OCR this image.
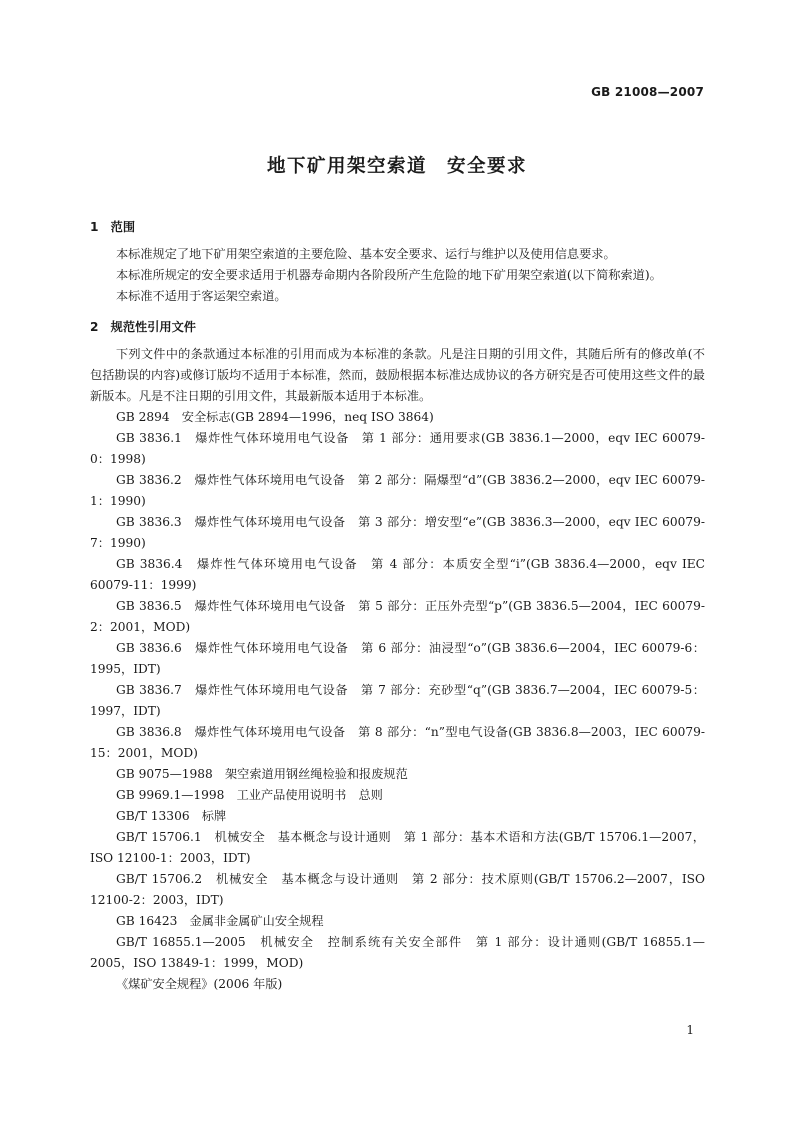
GB 21008—2007
地下矿用架空索道　安全要求
1　范围

本标准规定了地下矿用架空索道的主要危险、基本安全要求、运行与维护以及使用信息要求。

本标准所规定的安全要求适用于机器寿命期内各阶段所产生危险的地下矿用架空索道(以下简称索道)。

本标准不适用于客运架空索道。

2　规范性引用文件

下列文件中的条款通过本标准的引用而成为本标准的条款。凡是注日期的引用文件，其随后所有的修改单(不包括勘误的内容)或修订版均不适用于本标准，然而，鼓励根据本标准达成协议的各方研究是否可使用这些文件的最新版本。凡是不注日期的引用文件，其最新版本适用于本标准。

GB 2894　安全标志(GB 2894—1996，neq ISO 3864)

GB 3836.1　爆炸性气体环境用电气设备　第 1 部分：通用要求(GB 3836.1—2000，eqv IEC 60079-0：1998)

GB 3836.2　爆炸性气体环境用电气设备　第 2 部分：隔爆型“d”(GB 3836.2—2000，eqv IEC 60079-1：1990)

GB 3836.3　爆炸性气体环境用电气设备　第 3 部分：增安型“e”(GB 3836.3—2000，eqv IEC 60079-7：1990)

GB 3836.4　爆炸性气体环境用电气设备　第 4 部分：本质安全型“i”(GB 3836.4—2000，eqv IEC 60079-11：1999)

GB 3836.5　爆炸性气体环境用电气设备　第 5 部分：正压外壳型“p”(GB 3836.5—2004，IEC 60079-2：2001，MOD)

GB 3836.6　爆炸性气体环境用电气设备　第 6 部分：油浸型“o”(GB 3836.6—2004，IEC 60079-6：1995，IDT)

GB 3836.7　爆炸性气体环境用电气设备　第 7 部分：充砂型“q”(GB 3836.7—2004，IEC 60079-5：1997，IDT)

GB 3836.8　爆炸性气体环境用电气设备　第 8 部分：“n”型电气设备(GB 3836.8—2003，IEC 60079-15：2001，MOD)

GB 9075—1988　架空索道用钢丝绳检验和报废规范

GB 9969.1—1998　工业产品使用说明书　总则

GB/T 13306　标牌

GB/T 15706.1　机械安全　基本概念与设计通则　第 1 部分：基本术语和方法(GB/T 15706.1—2007，ISO 12100-1：2003，IDT)

GB/T 15706.2　机械安全　基本概念与设计通则　第 2 部分：技术原则(GB/T 15706.2—2007，ISO 12100-2：2003，IDT)

GB 16423　金属非金属矿山安全规程

GB/T 16855.1—2005　机械安全　控制系统有关安全部件　第 1 部分：设计通则(GB/T 16855.1—2005，ISO 13849-1：1999，MOD)

《煤矿安全规程》(2006 年版)

1
